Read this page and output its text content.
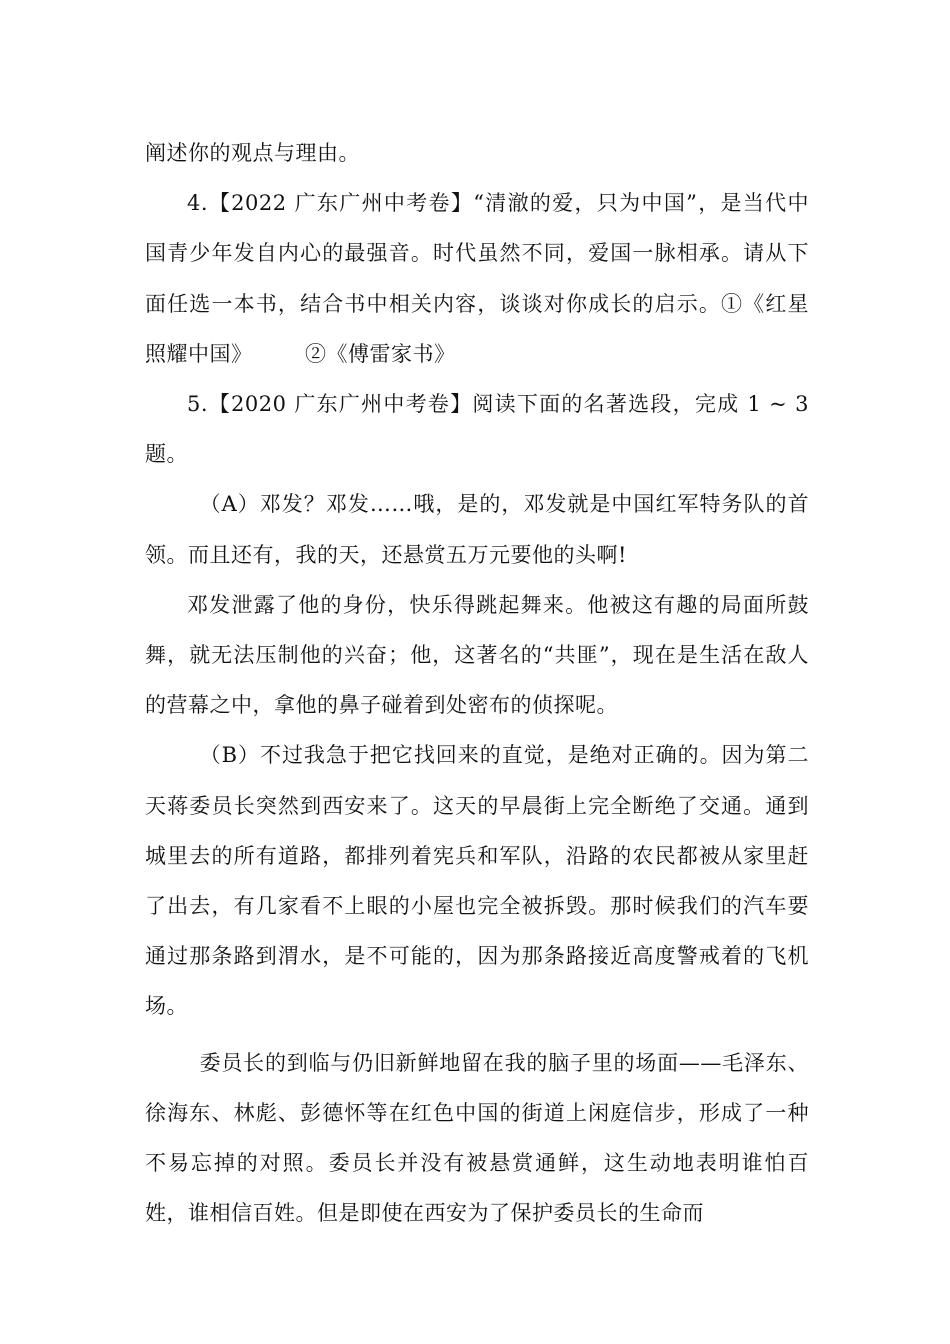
阐述你的观点与理由。

4.【2022 广东广州中考卷】“清澈的爱，只为中国”，是当代中国青少年发自内心的最强音。时代虽然不同，爱国一脉相承。请从下面任选一本书，结合书中相关内容，谈谈对你成长的启示。①《红星照耀中国》	②《傅雷家书》

5.【2020 广东广州中考卷】阅读下面的名著选段，完成 1 ~ 3 题。

（A）邓发？邓发……哦，是的，邓发就是中国红军特务队的首领。而且还有，我的天，还悬赏五万元要他的头啊!

邓发泄露了他的身份，快乐得跳起舞来。他被这有趣的局面所鼓舞，就无法压制他的兴奋；他，这著名的“共匪”，现在是生活在敌人的营幕之中，拿他的鼻子碰着到处密布的侦探呢。

（B）不过我急于把它找回来的直觉，是绝对正确的。因为第二天蒋委员长突然到西安来了。这天的早晨街上完全断绝了交通。通到城里去的所有道路，都排列着宪兵和军队，沿路的农民都被从家里赶了出去，有几家看不上眼的小屋也完全被拆毁。那时候我们的汽车要通过那条路到渭水，是不可能的，因为那条路接近高度警戒着的飞机场。

委员长的到临与仍旧新鲜地留在我的脑子里的场面——毛泽东、徐海东、林彪、彭德怀等在红色中国的街道上闲庭信步，形成了一种不易忘掉的对照。委员长并没有被悬赏通鲜，这生动地表明谁怕百姓，谁相信百姓。但是即使在西安为了保护委员长的生命而
